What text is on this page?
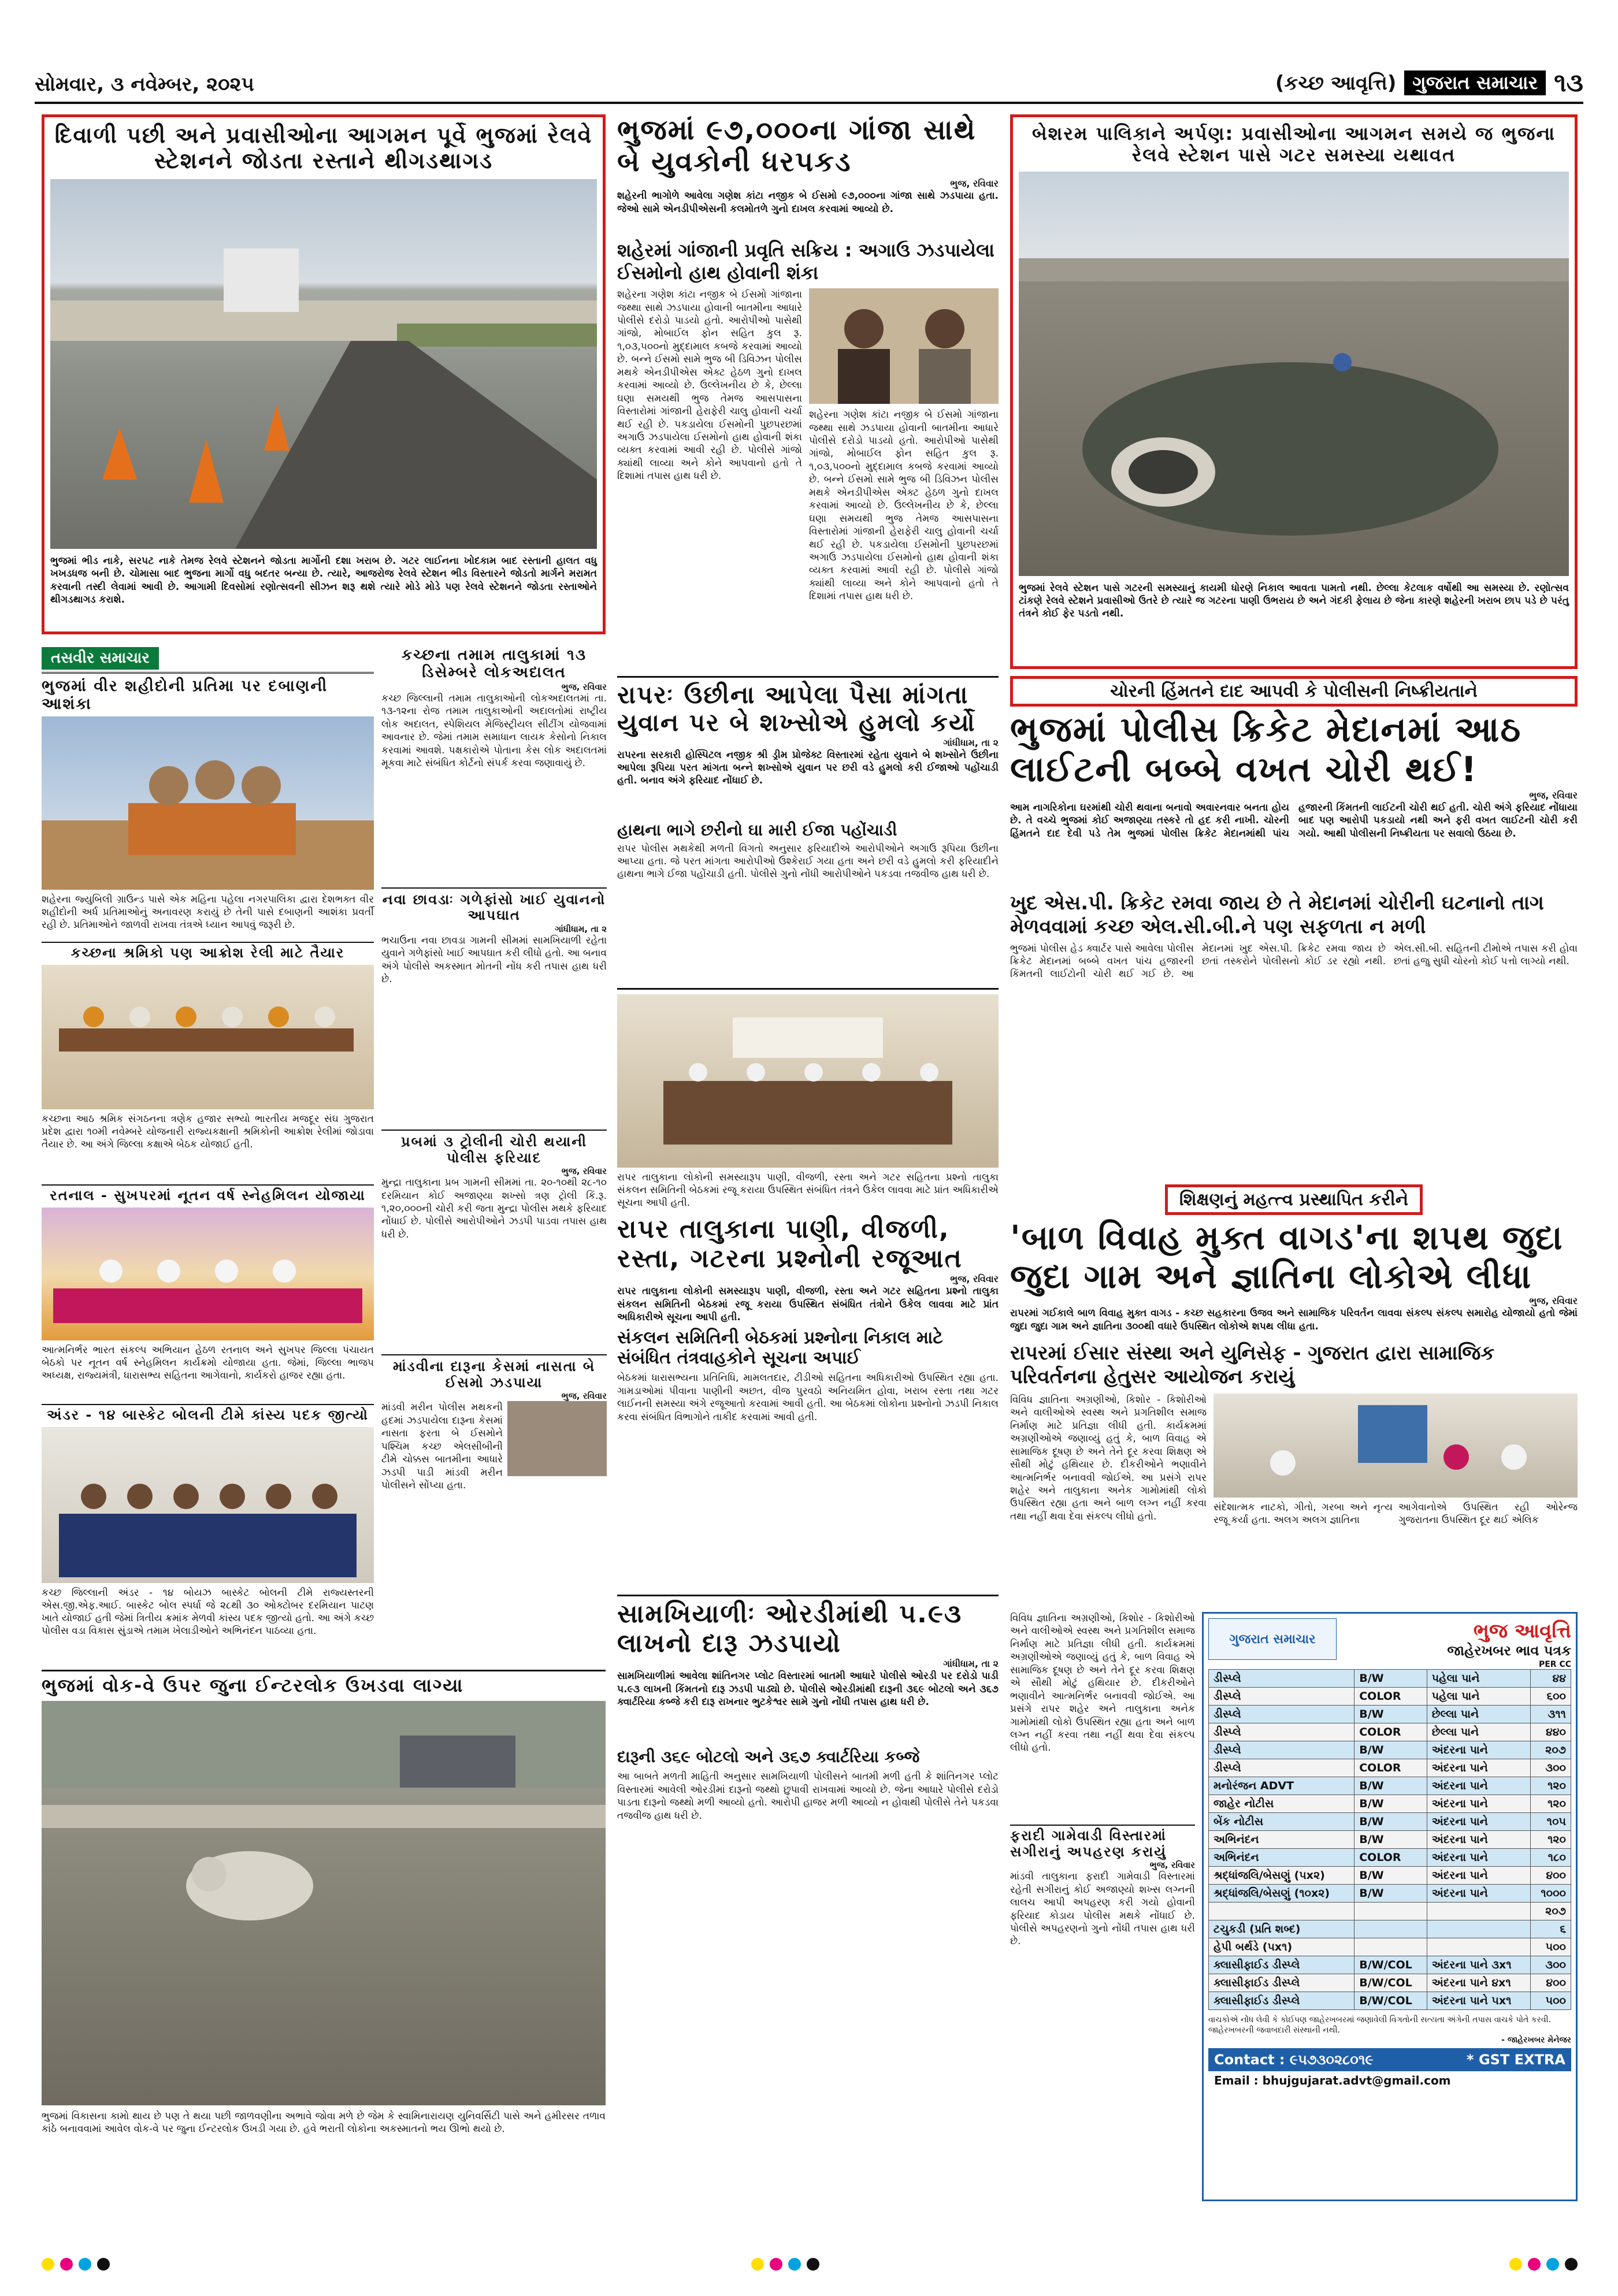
સોમવાર, ૩ નવેમ્બર, ૨૦૨૫	(કચ્છ આવૃત્તિ) ગુજરાત સમાચાર ૧૩
દિવાળી પછી અને પ્રવાસીઓના આગમન પૂર્વે ભુજમાં રેલવે સ્ટેશનને જોડતા રસ્તાને થીગડથાગડ
ભુજમાં ભીડ નાકે, સરપટ નાકે તેમજ રેલવે સ્ટેશનને જોડતા માર્ગોની દશા ખરાબ છે. ગટર લાઈનના ખોદકામ બાદ રસ્તાની હાલત વધુ ખખડધજ બની છે. ચોમાસા બાદ ભુજના માર્ગો વધુ બદતર બન્યા છે. ત્યારે, આજરોજ રેલવે સ્ટેશન ભીડ વિસ્તારને જોડતો માર્ગને મરામત કરવાની તસ્દી લેવામાં આવી છે. આગામી દિવસોમાં રણોત્સવની સીઝન શરૂ થશે ત્યારે મોડે મોડે પણ રેલવે સ્ટેશનને જોડતા રસ્તાઓને થીગડથાગડ કરાશે.
ભુજમાં ૯૭,૦૦૦ના ગાંજા સાથે બે યુવકોની ધરપકડ
ભુજ, રવિવાર
શહેરની ભાગોળે આવેલા ગણેશ કાંટા નજીક બે ઈસમો ૯૭,૦૦૦ના ગાંજા સાથે ઝડપાયા હતા. જેઓ સામે એનડીપીએસની કલમોતળે ગુનો દાખલ કરવામાં આવ્યો છે.
શહેરમાં ગાંજાની પ્રવૃતિ સક્રિય : અગાઉ ઝડપાયેલા ઈસમોનો હાથ હોવાની શંકા
શહેરના ગણેશ કાંટા નજીક બે ઈસમો ગાંજાના જથ્થા સાથે ઝડપાયા હોવાની બાતમીના આધારે પોલીસે દરોડો પાડયો હતો. આરોપીઓ પાસેથી ગાંજો, મોબાઈલ ફોન સહિત કુલ રૂ. ૧,૦૩,૫૦૦નો મુદ્દામાલ કબજે કરવામાં આવ્યો છે. બન્ને ઈસમો સામે ભુજ બી ડિવિઝન પોલીસ મથકે એનડીપીએસ એક્ટ હેઠળ ગુનો દાખલ કરવામાં આવ્યો છે. ઉલ્લેખનીય છે કે, છેલ્લા ઘણા સમયથી ભુજ તેમજ આસપાસના વિસ્તારોમાં ગાંજાની હેરાફેરી ચાલુ હોવાની ચર્ચા થઈ રહી છે. પકડાયેલા ઈસમોની પુછપરછમાં અગાઉ ઝડપાયેલા ઈસમોનો હાથ હોવાની શંકા વ્યક્ત કરવામાં આવી રહી છે. પોલીસે ગાંજો ક્યાંથી લાવ્યા અને કોને આપવાનો હતો તે દિશામાં તપાસ હાથ ધરી છે.
શહેરના ગણેશ કાંટા નજીક બે ઈસમો ગાંજાના જથ્થા સાથે ઝડપાયા હોવાની બાતમીના આધારે પોલીસે દરોડો પાડયો હતો. આરોપીઓ પાસેથી ગાંજો, મોબાઈલ ફોન સહિત કુલ રૂ. ૧,૦૩,૫૦૦નો મુદ્દામાલ કબજે કરવામાં આવ્યો છે. બન્ને ઈસમો સામે ભુજ બી ડિવિઝન પોલીસ મથકે એનડીપીએસ એક્ટ હેઠળ ગુનો દાખલ કરવામાં આવ્યો છે. ઉલ્લેખનીય છે કે, છેલ્લા ઘણા સમયથી ભુજ તેમજ આસપાસના વિસ્તારોમાં ગાંજાની હેરાફેરી ચાલુ હોવાની ચર્ચા થઈ રહી છે. પકડાયેલા ઈસમોની પુછપરછમાં અગાઉ ઝડપાયેલા ઈસમોનો હાથ હોવાની શંકા વ્યક્ત કરવામાં આવી રહી છે. પોલીસે ગાંજો ક્યાંથી લાવ્યા અને કોને આપવાનો હતો તે દિશામાં તપાસ હાથ ધરી છે.
બેશરમ પાલિકાને અર્પણ: પ્રવાસીઓના આગમન સમયે જ ભુજના રેલવે સ્ટેશન પાસે ગટર સમસ્યા યથાવત
ભુજમાં રેલવે સ્ટેશન પાસે ગટરની સમસ્યાનું કાયમી ધોરણે નિકાલ આવતા પામતો નથી. છેલ્લા કેટલાક વર્ષોથી આ સમસ્યા છે. રણોત્સવ ટાંકણે રેલવે સ્ટેશને પ્રવાસીઓ ઉતરે છે ત્યારે જ ગટરના પાણી ઉભરાય છે અને ગંદકી ફેલાય છે જેના કારણે શહેરની ખરાબ છાપ પડે છે પરંતુ તંત્રને કોઈ ફેર પડતો નથી.
તસવીર સમાચાર
ભુજમાં વીર શહીદોની પ્રતિમા પર દબાણની આશંકા
શહેરના જ્યુબિલી ગ્રાઉન્ડ પાસે એક મહિના પહેલા નગરપાલિકા દ્વારા દેશભક્ત વીર શહીદોની અર્ધ પ્રતિમાઓનું અનાવરણ કરાયું છે તેની પાસે દબાણની આશંકા પ્રવર્તી રહી છે. પ્રતિમાઓને જાળવી રાખવા તંત્રએ ધ્યાન આપવું જરૂરી છે.
કચ્છના શ્રમિકો પણ આક્રોશ રેલી માટે તૈયાર
કચ્છના આઠ શ્રમિક સંગઠનના ત્રણેક હજાર સભ્યો ભારતીય મજદૂર સંઘ ગુજરાત પ્રદેશ દ્વારા ૧૦મી નવેમ્બરે યોજનારી રાજ્યકક્ષાની શ્રમિકોની આક્રોશ રેલીમાં જોડાવા તૈયાર છે. આ અંગે જિલ્લા કક્ષાએ બેઠક યોજાઈ હતી.
રતનાલ - સુખપરમાં નૂતન વર્ષ સ્નેહમિલન યોજાયા
આત્મનિર્ભર ભારત સંકલ્પ અભિયાન હેઠળ રતનાલ અને સુખપર જિલ્લા પંચાયત બેઠકો પર નૂતન વર્ષ સ્નેહમિલન કાર્યક્રમો યોજાયા હતા. જેમાં, જિલ્લા ભાજપ અધ્યક્ષ, રાજ્યમંત્રી, ધારાસભ્ય સહિતના આગેવાનો, કાર્યકરો હાજર રહ્યા હતા.
અંડર - ૧૪ બાસ્કેટ બોલની ટીમે કાંસ્ય પદક જીત્યો
કચ્છ જિલ્લાની અંડર - ૧૪ બોયઝ બાસ્કેટ બોલની ટીમે રાજ્યસ્તરની એસ.જી.એફ.આઈ. બાસ્કેટ બોલ સ્પર્ધા જે ૨૮થી ૩૦ ઓક્ટોબર દરમિયાન પાટણ ખાતે યોજાઈ હતી જેમાં ત્રિતીય ક્રમાંક મેળવી કાંસ્ય પદક જીત્યો હતો. આ અંગે કચ્છ પોલીસ વડા વિકાસ સુંડાએ તમામ ખેલાડીઓને અભિનંદન પાઠવ્યા હતા.
કચ્છના તમામ તાલુકામાં ૧૩ ડિસેમ્બરે લોકઅદાલત
ભુજ, રવિવાર
કચ્છ જિલ્લાની તમામ તાલુકાઓની લોકઅદાલતમાં તા. ૧૩-૧૨ના રોજ તમામ તાલુકાઓની અદાલતોમાં રાષ્ટ્રીય લોક અદાલત, સ્પેશિયલ મેજિસ્ટ્રીયલ સીટીંગ યોજવામાં આવનાર છે. જેમાં તમામ સમાધાન લાયક કેસોનો નિકાલ કરવામાં આવશે. પક્ષકારોએ પોતાના કેસ લોક અદાલતમાં મૂકવા માટે સંબંધિત કોર્ટનો સંપર્ક કરવા જણાવાયું છે.
નવા છાવડાઃ ગળેફાંસો ખાઈ યુવાનનો આપઘાત
ગાંધીધામ, તા ૨
ભચાઉના નવા છાવડા ગામની સીમમાં સામખિયાળી રહેતા યુવાને ગળેફાંસો ખાઈ આપઘાત કરી લીધો હતો. આ બનાવ અંગે પોલીસે અકસ્માત મોતની નોંધ કરી તપાસ હાથ ધરી છે.
પ્રબમાં ૩ ટ્રોલીની ચોરી થયાની પોલીસ ફરિયાદ
ભુજ, રવિવાર
મુન્દ્રા તાલુકાના પ્રબ ગામની સીમમાં તા. ૨૦-૧૦થી ૨૮-૧૦ દરમિયાન કોઈ અજાણ્યા શખ્સો ત્રણ ટ્રોલી કિં.રૂ. ૧,૨૦,૦૦૦ની ચોરી કરી જતા મુન્દ્રા પોલીસ મથકે ફરિયાદ નોંધાઈ છે. પોલીસે આરોપીઓને ઝડપી પાડવા તપાસ હાથ ધરી છે.
માંડવીના દારૂના કેસમાં નાસતા બે ઈસમો ઝડપાયા
ભુજ, રવિવાર
માંડવી મરીન પોલીસ મથકની હદમાં ઝડપાયેલા દારૂના કેસમાં નાસતા ફરતા બે ઈસમોને પશ્ચિમ કચ્છ એલસીબીની ટીમે ચોક્કસ બાતમીના આધારે ઝડપી પાડી માંડવી મરીન પોલીસને સોંપ્યા હતા.
રાપરઃ ઉછીના આપેલા પૈસા માંગતા યુવાન પર બે શખ્સોએ હુમલો કર્યો
ગાંધીધામ, તા ૨
રાપરના સરકારી હોસ્પિટલ નજીક શ્રી ડ્રીમ પ્રોજેક્ટ વિસ્તારમાં રહેતા યુવાને બે શખ્સોને ઉછીના આપેલા રૂપિયા પરત માંગતા બન્ને શખ્સોએ યુવાન પર છરી વડે હુમલો કરી ઈજાઓ પહોંચાડી હતી. બનાવ અંગે ફરિયાદ નોંધાઈ છે.
હાથના ભાગે છરીનો ઘા મારી ઈજા પહોંચાડી
રાપર પોલીસ મથકેથી મળતી વિગતો અનુસાર ફરિયાદીએ આરોપીઓને અગાઉ રૂપિયા ઉછીના આપ્યા હતા. જે પરત માંગતા આરોપીઓ ઉશ્કેરાઈ ગયા હતા અને છરી વડે હુમલો કરી ફરિયાદીને હાથના ભાગે ઈજા પહોંચાડી હતી. પોલીસે ગુનો નોંધી આરોપીઓને પકડવા તજવીજ હાથ ધરી છે.
રાપર તાલુકાના લોકોની સમસ્યારૂપ પાણી, વીજળી, રસ્તા અને ગટર સહિતના પ્રશ્નો તાલુકા સંકલન સમિતિની બેઠકમાં રજૂ કરાયા ઉપસ્થિત સંબંધિત તંત્રને ઉકેલ લાવવા માટે પ્રાંત અધિકારીએ સૂચના આપી હતી.
રાપર તાલુકાના પાણી, વીજળી, રસ્તા, ગટરના પ્રશ્નોની રજૂઆત
ભુજ, રવિવાર
રાપર તાલુકાના લોકોની સમસ્યારૂપ પાણી, વીજળી, રસ્તા અને ગટર સહિતના પ્રશ્નો તાલુકા સંકલન સમિતિની બેઠકમાં રજૂ કરાયા ઉપસ્થિત સંબંધિત તંત્રોને ઉકેલ લાવવા માટે પ્રાંત અધિકારીએ સૂચના આપી હતી.
સંકલન સમિતિની બેઠકમાં પ્રશ્નોના નિકાલ માટે સંબંધિત તંત્રવાહકોને સૂચના અપાઈ
બેઠકમાં ધારાસભ્યના પ્રતિનિધિ, મામલતદાર, ટીડીઓ સહિતના અધિકારીઓ ઉપસ્થિત રહ્યા હતા. ગામડાઓમાં પીવાના પાણીની અછત, વીજ પુરવઠો અનિયમિત હોવા, ખરાબ રસ્તા તથા ગટર લાઈનની સમસ્યા અંગે રજૂઆતો કરવામાં આવી હતી. આ બેઠકમાં લોકોના પ્રશ્નોનો ઝડપી નિકાલ કરવા સંબંધિત વિભાગોને તાકીદ કરવામાં આવી હતી.
સામખિયાળીઃ ઓરડીમાંથી ૫.૯૩ લાખનો દારૂ ઝડપાયો
ગાંધીધામ, તા ૨
સામખિયાળીમાં આવેલા શાંતિનગર પ્લોટ વિસ્તારમાં બાતમી આધારે પોલીસે ઓરડી પર દરોડો પાડી ૫.૯૩ લાખની કિંમતનો દારૂ ઝડપી પાડ્યો છે. પોલીસે ઓરડીમાંથી દારૂની ૩૬૯ બોટલો અને ૩૬૭ ક્વાર્ટરિયા કબ્જે કરી દારૂ રાખનાર ભુટકેશ્વર સામે ગુનો નોંધી તપાસ હાથ ધરી છે.
દારૂની ૩૬૯ બોટલો અને ૩૬૭ ક્વાર્ટરિયા કબ્જે
આ બાબતે મળતી માહિતી અનુસાર સામખિયાળી પોલીસને બાતમી મળી હતી કે શાંતિનગર પ્લોટ વિસ્તારમાં આવેલી ઓરડીમાં દારૂનો જથ્થો છુપાવી રાખવામાં આવ્યો છે. જેના આધારે પોલીસે દરોડો પાડતા દારૂનો જથ્થો મળી આવ્યો હતો. આરોપી હાજર મળી આવ્યો ન હોવાથી પોલીસે તેને પકડવા તજવીજ હાથ ધરી છે.
ચોરની હિંમતને દાદ આપવી કે પોલીસની નિષ્ક્રીયતાને
ભુજમાં પોલીસ ક્રિકેટ મેદાનમાં આઠ લાઈટની બબ્બે વખત ચોરી થઈ!
ભુજ, રવિવાર
આમ નાગરિકોના ઘરમાંથી ચોરી થવાના બનાવો અવારનવાર બનતા હોય છે. તે વચ્ચે ભુજમાં કોઈ અજાણ્યા તસ્કરે તો હદ કરી નાખી. ચોરની હિંમતને દાદ દેવી પડે તેમ ભુજમાં પોલીસ ક્રિકેટ મેદાનમાંથી પાંચ હજારની કિંમતની લાઈટની ચોરી થઈ હતી. ચોરી અંગે ફરિયાદ નોંધાયા બાદ પણ આરોપી પકડાયો નથી અને ફરી વખત લાઈટની ચોરી કરી ગયો. આથી પોલીસની નિષ્ક્રીયતા પર સવાલો ઉઠયા છે.
ખુદ એસ.પી. ક્રિકેટ રમવા જાય છે તે મેદાનમાં ચોરીની ઘટનાનો તાગ મેળવવામાં કચ્છ એલ.સી.બી.ને પણ સફળતા ન મળી
ભુજમાં પોલીસ હેડ ક્વાર્ટર પાસે આવેલા પોલીસ ક્રિકેટ મેદાનમાં બબ્બે વખત પાંચ હજારની કિંમતની લાઈટોની ચોરી થઈ ગઈ છે. આ મેદાનમાં ખુદ એસ.પી. ક્રિકેટ રમવા જાય છે છતાં તસ્કરોને પોલીસનો કોઈ ડર રહ્યો નથી. એલ.સી.બી. સહિતની ટીમોએ તપાસ કરી હોવા છતાં હજુ સુધી ચોરનો કોઈ પત્તો લાગ્યો નથી.
શિક્ષણનું મહત્ત્વ પ્રસ્થાપિત કરીને
'બાળ વિવાહ મુક્ત વાગડ'ના શપથ જુદા જુદા ગામ અને જ્ઞાતિના લોકોએ લીધા
ભુજ, રવિવાર
રાપરમાં ગઈકાલે બાળ વિવાહ મુક્ત વાગડ - કચ્છ સહકારના ઉજવ અને સામાજિક પરિવર્તન લાવવા સંકલ્પ સંકલ્પ સમારોહ યોજાયો હતો જેમાં જુદા જુદા ગામ અને જ્ઞાતિના ૩૦૦થી વધારે ઉપસ્થિત લોકોએ શપથ લીધા હતા.
રાપરમાં ઈસાર સંસ્થા અને યુનિસેફ - ગુજરાત દ્વારા સામાજિક પરિવર્તનના હેતુસર આયોજન કરાયું
વિવિધ જ્ઞાતિના અગ્રણીઓ, કિશોર - કિશોરીઓ અને વાલીઓએ સ્વસ્થ અને પ્રગતિશીલ સમાજ નિર્માણ માટે પ્રતિજ્ઞા લીધી હતી. કાર્યક્રમમાં અગ્રણીઓએ જણાવ્યું હતું કે, બાળ વિવાહ એ સામાજિક દૂષણ છે અને તેને દૂર કરવા શિક્ષણ એ સૌથી મોટું હથિયાર છે. દીકરીઓને ભણાવીને આત્મનિર્ભર બનાવવી જોઈએ. આ પ્રસંગે રાપર શહેર અને તાલુકાના અનેક ગામોમાંથી લોકો ઉપસ્થિત રહ્યા હતા અને બાળ લગ્ન નહીં કરવા તથા નહીં થવા દેવા સંકલ્પ લીધો હતો.
સંદેશાત્મક નાટકો, ગીતો, ગરબા અને નૃત્ય રજૂ કર્યા હતા. અલગ અલગ જ્ઞાતિના
આગેવાનોએ ઉપસ્થિત રહી ઓરેન્જ ગુજરાતના ઉપસ્થિત દૂર થઈ એલિક
વિવિધ જ્ઞાતિના અગ્રણીઓ, કિશોર - કિશોરીઓ અને વાલીઓએ સ્વસ્થ અને પ્રગતિશીલ સમાજ નિર્માણ માટે પ્રતિજ્ઞા લીધી હતી. કાર્યક્રમમાં અગ્રણીઓએ જણાવ્યું હતું કે, બાળ વિવાહ એ સામાજિક દૂષણ છે અને તેને દૂર કરવા શિક્ષણ એ સૌથી મોટું હથિયાર છે. દીકરીઓને ભણાવીને આત્મનિર્ભર બનાવવી જોઈએ. આ પ્રસંગે રાપર શહેર અને તાલુકાના અનેક ગામોમાંથી લોકો ઉપસ્થિત રહ્યા હતા અને બાળ લગ્ન નહીં કરવા તથા નહીં થવા દેવા સંકલ્પ લીધો હતો.
ફરાદી ગામેવાડી વિસ્તારમાં સગીરાનું અપહરણ કરાયું
ભુજ, રવિવાર
માંડવી તાલુકાના ફરાદી ગામેવાડી વિસ્તારમાં રહેતી સગીરાનું કોઈ અજાણ્યો શખ્સ લગ્નની લાલચ આપી અપહરણ કરી ગયો હોવાની ફરિયાદ કોડાય પોલીસ મથકે નોંધાઈ છે. પોલીસે અપહરણનો ગુનો નોંધી તપાસ હાથ ધરી છે.
ગુજરાત સમાચાર	ભુજ આવૃત્તિ
જાહેરખબર ભાવ પત્રક
PER CC
ડીસ્પ્લે	B/W	પહેલા પાને	૪૪
ડીસ્પ્લે	COLOR	પહેલા પાને	૬૦૦
ડીસ્પ્લે	B/W	છેલ્લા પાને	૩૧૧
ડીસ્પ્લે	COLOR	છેલ્લા પાને	૪૪૦
ડીસ્પ્લે	B/W	અંદરના પાને	૨૦૭
ડીસ્પ્લે	COLOR	અંદરના પાને	૩૦૦
મનોરંજન ADVT	B/W	અંદરના પાને	૧૨૦
જાહેર નોટીસ	B/W	અંદરના પાને	૧૨૦
બેંક નોટીસ	B/W	અંદરના પાને	૧૦૫
અભિનંદન	B/W	અંદરના પાને	૧૨૦
અભિનંદન	COLOR	અંદરના પાને	૧૮૦
શ્રદ્ધાંજલિ/બેસણું (૫x૨)	B/W	અંદરના પાને	૪૦૦
શ્રદ્ધાંજલિ/બેસણું (૧૦x૨)	B/W	અંદરના પાને	૧૦૦૦
			૨૦૭
ટચુકડી (પ્રતિ શબ્દ)			૬
હેપી બર્થડે (૫x૧)			૫૦૦
ક્લાસીફાઈડ ડીસ્પ્લે	B/W/COL	અંદરના પાને ૩x૧	૩૦૦
ક્લાસીફાઈડ ડીસ્પ્લે	B/W/COL	અંદરના પાને ૪x૧	૪૦૦
ક્લાસીફાઈડ ડીસ્પ્લે	B/W/COL	અંદરના પાને ૫x૧	૫૦૦
વાચકોએ નોંધ લેવી કે કોઈપણ જાહેરખબરમાં જણાવેલી વિગતોની સત્યતા અંગેની તપાસ વાચકે પોતે કરવી. જાહેરખબરની જવાબદારી સંસ્થાની નથી.
- જાહેરખબર મેનેજર
Contact : ૯૫૭૩૦૨૮૦૧૯	* GST EXTRA
Email : bhujgujarat.advt@gmail.com
ભુજમાં વોક-વે ઉપર જુના ઈન્ટરલોક ઉખડવા લાગ્યા
ભુજમાં વિકાસના કામો થાય છે પણ તે થયા પછી જાળવણીના અભાવે જોવા મળે છે જેમ કે સ્વામિનારાયણ યુનિવર્સિટી પાસે અને હમીરસર તળાવ કાંઠે બનાવવામાં આવેલ વોક-વે પર જુના ઈન્ટરલોક ઉખડી ગયા છે. હવે ભરાતી લોકોના અકસ્માતનો ભય ઊભો થયો છે.
